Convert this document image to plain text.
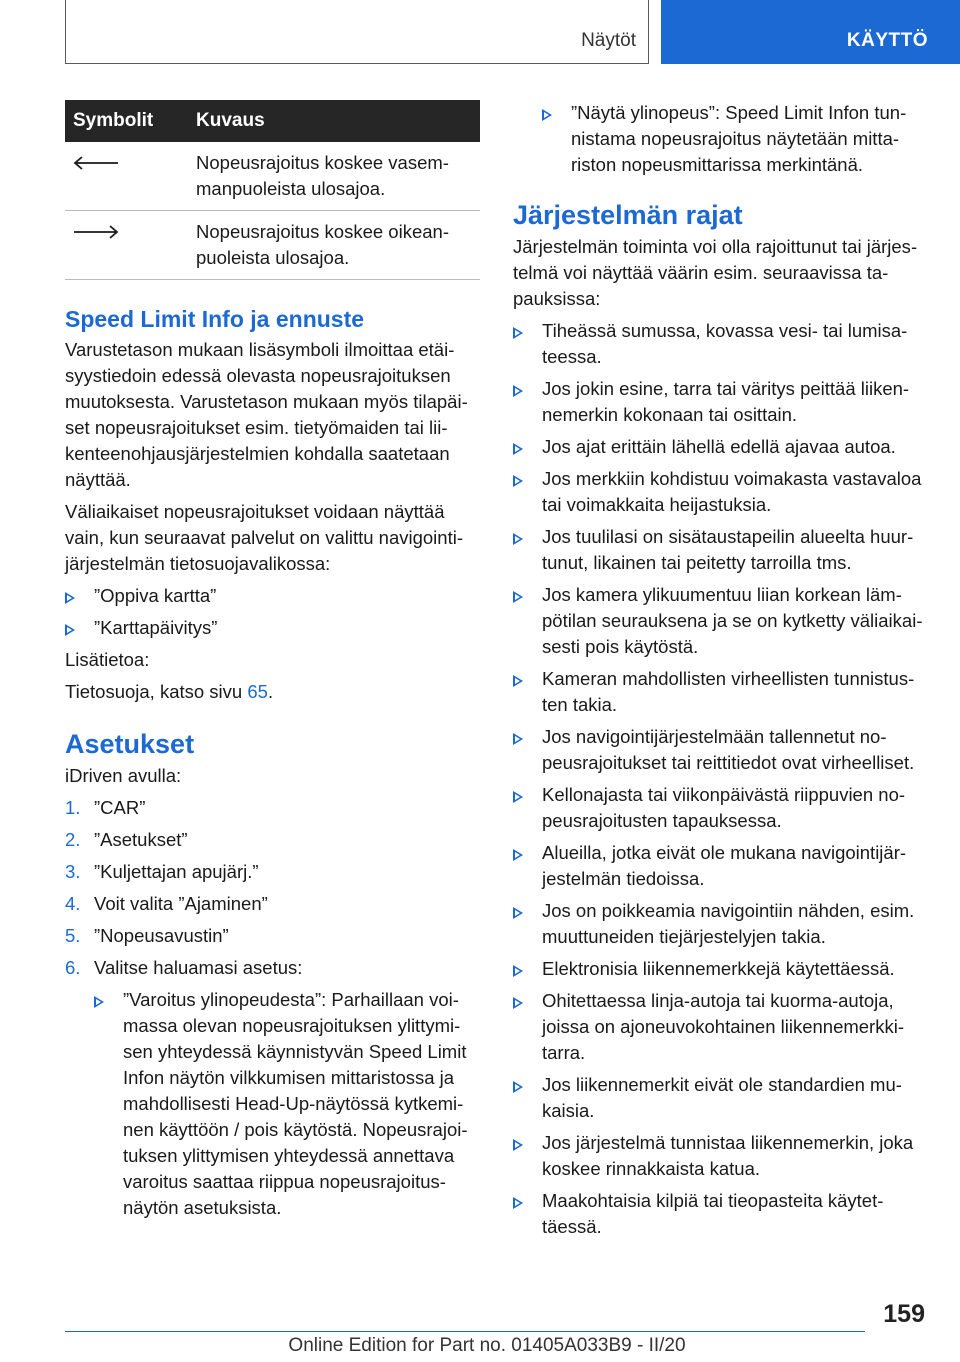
Näytöt	KÄYTTÖ
Symbolit	Kuvaus

	Nopeusrajoitus koskee vasemmanpuoleista ulosajoa.

	Nopeusrajoitus koskee oikeanpuoleista ulosajoa.
Speed Limit Info ja ennuste

Varustetason mukaan lisäsymboli ilmoittaa etäisyystiedoin edessä olevasta nopeusrajoituksen muutoksesta. Varustetason mukaan myös tilapäiset nopeusrajoitukset esim. tietyömaiden tai liikenteenohjausjärjestelmien kohdalla saatetaan näyttää.

Väliaikaiset nopeusrajoitukset voidaan näyttää vain, kun seuraavat palvelut on valittu navigointijärjestelmän tietosuojavalikossa:

”Oppiva kartta”
”Karttapäivitys”

Lisätietoa:

Tietosuoja, katso sivu 65.

Asetukset

iDriven avulla:

1. ”CAR”
2. ”Asetukset”
3. ”Kuljettajan apujärj.”
4. Voit valita ”Ajaminen”
5. ”Nopeusavustin”
6. Valitse haluamasi asetus:
”Varoitus ylinopeudesta”: Parhaillaan voimassa olevan nopeusrajoituksen ylittymisen yhteydessä käynnistyvän Speed Limit Infon näytön vilkkumisen mittaristossa ja mahdollisesti Head-Up-näytössä kytkeminen käyttöön / pois käytöstä. Nopeusrajoituksen ylittymisen yhteydessä annettava varoitus saattaa riippua nopeusrajoitusnäytön asetuksista.
”Näytä ylinopeus”: Speed Limit Infon tunnistama nopeusrajoitus näytetään mittariston nopeusmittarissa merkintänä.
Järjestelmän rajat

Järjestelmän toiminta voi olla rajoittunut tai järjestelmä voi näyttää väärin esim. seuraavissa tapauksissa:

Tiheässä sumussa, kovassa vesi- tai lumisateessa.
Jos jokin esine, tarra tai väritys peittää liikennemerkin kokonaan tai osittain.
Jos ajat erittäin lähellä edellä ajavaa autoa.
Jos merkkiin kohdistuu voimakasta vastavaloa tai voimakkaita heijastuksia.
Jos tuulilasi on sisätaustapeilin alueelta huurtunut, likainen tai peitetty tarroilla tms.
Jos kamera ylikuumentuu liian korkean lämpötilan seurauksena ja se on kytketty väliaikaisesti pois käytöstä.
Kameran mahdollisten virheellisten tunnistusten takia.
Jos navigointijärjestelmään tallennetut nopeusrajoitukset tai reittitiedot ovat virheelliset.
Kellonajasta tai viikonpäivästä riippuvien nopeusrajoitusten tapauksessa.
Alueilla, jotka eivät ole mukana navigointijärjestelmän tiedoissa.
Jos on poikkeamia navigointiin nähden, esim. muuttuneiden tiejärjestelyjen takia.
Elektronisia liikennemerkkejä käytettäessä.
Ohitettaessa linja-autoja tai kuorma-autoja, joissa on ajoneuvokohtainen liikennemerkkitarra.
Jos liikennemerkit eivät ole standardien mukaisia.
Jos järjestelmä tunnistaa liikennemerkin, joka koskee rinnakkaista katua.
Maakohtaisia kilpiä tai tieopasteita käytettäessä.
159
Online Edition for Part no. 01405A033B9 - II/20
